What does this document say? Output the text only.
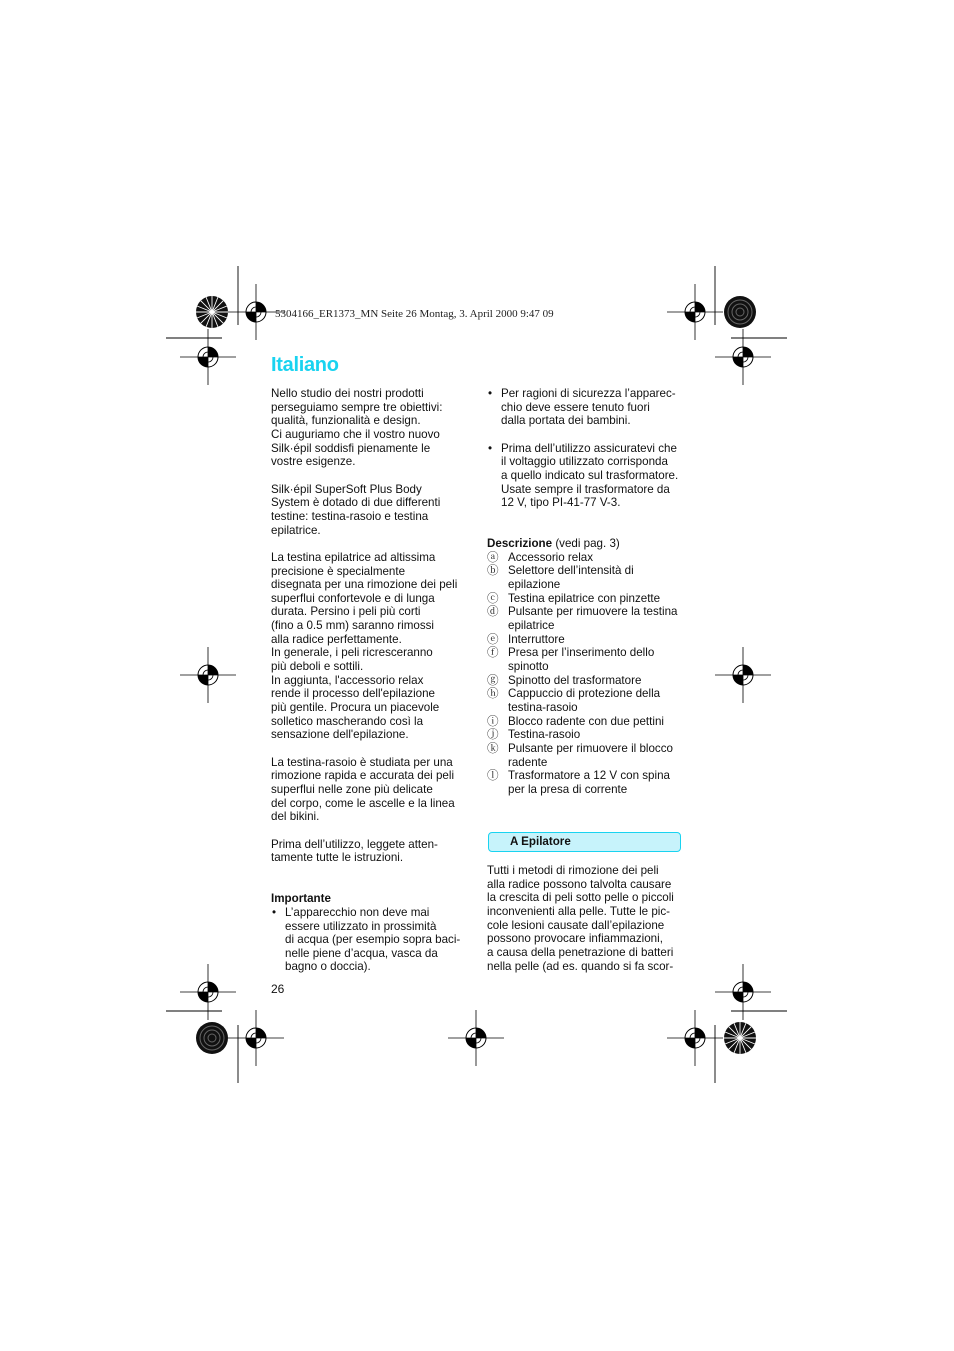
5304166_ER1373_MN Seite 26 Montag, 3. April 2000 9:47 09
Italiano

Nello studio dei nostri prodotti

perseguiamo sempre tre obiettivi:

qualità, funzionalità e design.

Ci auguriamo che il vostro nuovo

Silk·épil soddisfi pienamente le

vostre esigenze.

Silk·épil SuperSoft Plus Body

System è dotado di due differenti

testine: testina-rasoio e testina

epilatrice.

La testina epilatrice ad altissima

precisione è specialmente

disegnata per una rimozione dei peli

superflui confortevole e di lunga

durata. Persino i peli più corti

(fino a 0.5 mm) saranno rimossi

alla radice perfettamente.

In generale, i peli ricresceranno

più deboli e sottili.

In aggiunta, l'accessorio relax

rende il processo dell'epilazione

più gentile. Procura un piacevole

solletico mascherando così la

sensazione dell'epilazione.

La testina-rasoio è studiata per una

rimozione rapida e accurata dei peli

superflui nelle zone più delicate

del corpo, come le ascelle e la linea

del bikini.

Prima dell’utilizzo, leggete atten-

tamente tutte le istruzioni.

Importante

• L’apparecchio non deve mai

essere utilizzato in prossimità

di acqua (per esempio sopra baci-

nelle piene d’acqua, vasca da

bagno o doccia).

• Per ragioni di sicurezza l’apparec-

chio deve essere tenuto fuori

dalla portata dei bambini.

• Prima dell’utilizzo assicuratevi che

il voltaggio utilizzato corrisponda

a quello indicato sul trasformatore.

Usate sempre il trasformatore da

12 V, tipo PI-41-77 V-3.

Descrizione (vedi pag. 3)

ⓐ Accessorio relax

ⓑ Selettore dell’intensità di

epilazione

ⓒ Testina epilatrice con pinzette

ⓓ Pulsante per rimuovere la testina

epilatrice

ⓔ Interruttore

ⓕ Presa per l’inserimento dello

spinotto

ⓖ Spinotto del trasformatore

ⓗ Cappuccio di protezione della

testina-rasoio

ⓘ Blocco radente con due pettini

ⓙ Testina-rasoio

ⓚ Pulsante per rimuovere il blocco

radente

ⓛ Trasformatore a 12 V con spina

per la presa di corrente

A Epilatore

Tutti i metodi di rimozione dei peli

alla radice possono talvolta causare

la crescita di peli sotto pelle o piccoli

inconvenienti alla pelle. Tutte le pic-

cole lesioni causate dall’epilazione

possono provocare infiammazioni,

a causa della penetrazione di batteri

nella pelle (ad es. quando si fa scor-

26
